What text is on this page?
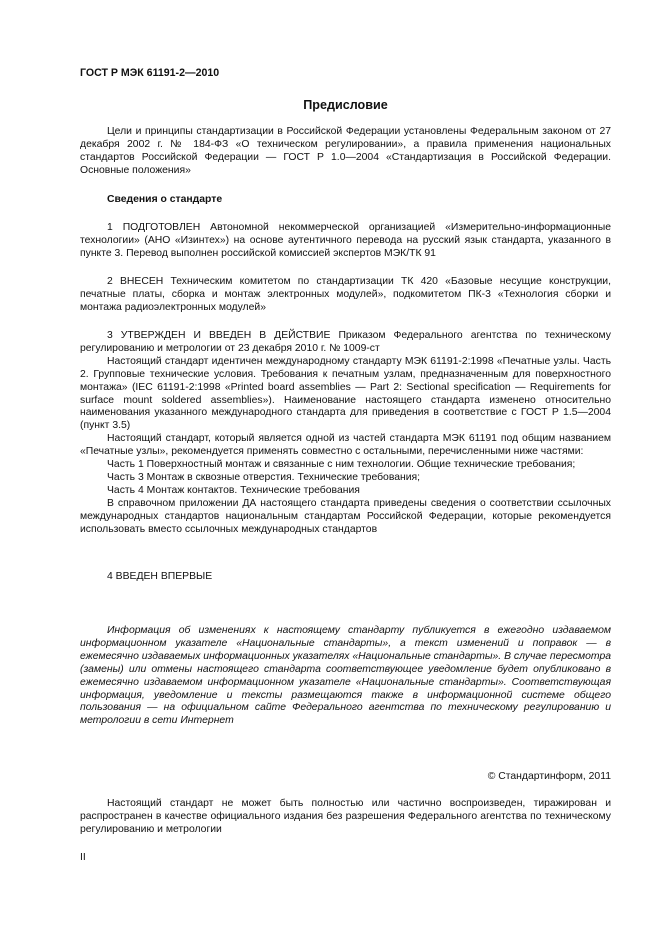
ГОСТ Р МЭК 61191-2—2010
Предисловие

Цели и принципы стандартизации в Российской Федерации установлены Федеральным законом от 27 декабря 2002 г. № 184-ФЗ «О техническом регулировании», а правила применения национальных стандартов Российской Федерации — ГОСТ Р 1.0—2004 «Стандартизация в Российской Федерации. Основные положения»

Сведения о стандарте

1 ПОДГОТОВЛЕН Автономной некоммерческой организацией «Измерительно-информационные технологии» (АНО «Изинтех») на основе аутентичного перевода на русский язык стандарта, указанного в пункте 3. Перевод выполнен российской комиссией экспертов МЭК/ТК 91

2 ВНЕСЕН Техническим комитетом по стандартизации ТК 420 «Базовые несущие конструкции, печатные платы, сборка и монтаж электронных модулей», подкомитетом ПК-3 «Технология сборки и монтажа радиоэлектронных модулей»

3 УТВЕРЖДЕН И ВВЕДЕН В ДЕЙСТВИЕ Приказом Федерального агентства по техническому регулированию и метрологии от 23 декабря 2010 г. № 1009-ст

Настоящий стандарт идентичен международному стандарту МЭК 61191-2:1998 «Печатные узлы. Часть 2. Групповые технические условия. Требования к печатным узлам, предназначенным для поверхностного монтажа» (IEC 61191-2:1998 «Printed board assemblies — Part 2: Sectional specification — Requirements for surface mount soldered assemblies»). Наименование настоящего стандарта изменено относительно наименования указанного международного стандарта для приведения в соответствие с ГОСТ Р 1.5—2004 (пункт 3.5)

Настоящий стандарт, который является одной из частей стандарта МЭК 61191 под общим названием «Печатные узлы», рекомендуется применять совместно с остальными, перечисленными ниже частями:

Часть 1 Поверхностный монтаж и связанные с ним технологии. Общие технические требования;

Часть 3 Монтаж в сквозные отверстия. Технические требования;

Часть 4 Монтаж контактов. Технические требования

В справочном приложении ДА настоящего стандарта приведены сведения о соответствии ссылочных международных стандартов национальным стандартам Российской Федерации, которые рекомендуется использовать вместо ссылочных международных стандартов

4 ВВЕДЕН ВПЕРВЫЕ

Информация об изменениях к настоящему стандарту публикуется в ежегодно издаваемом информационном указателе «Национальные стандарты», а текст изменений и поправок — в ежемесячно издаваемых информационных указателях «Национальные стандарты». В случае пересмотра (замены) или отмены настоящего стандарта соответствующее уведомление будет опубликовано в ежемесячно издаваемом информационном указателе «Национальные стандарты». Соответствующая информация, уведомление и тексты размещаются также в информационной системе общего пользования — на официальном сайте Федерального агентства по техническому регулированию и метрологии в сети Интернет

© Стандартинформ, 2011

Настоящий стандарт не может быть полностью или частично воспроизведен, тиражирован и распространен в качестве официального издания без разрешения Федерального агентства по техническому регулированию и метрологии

II
